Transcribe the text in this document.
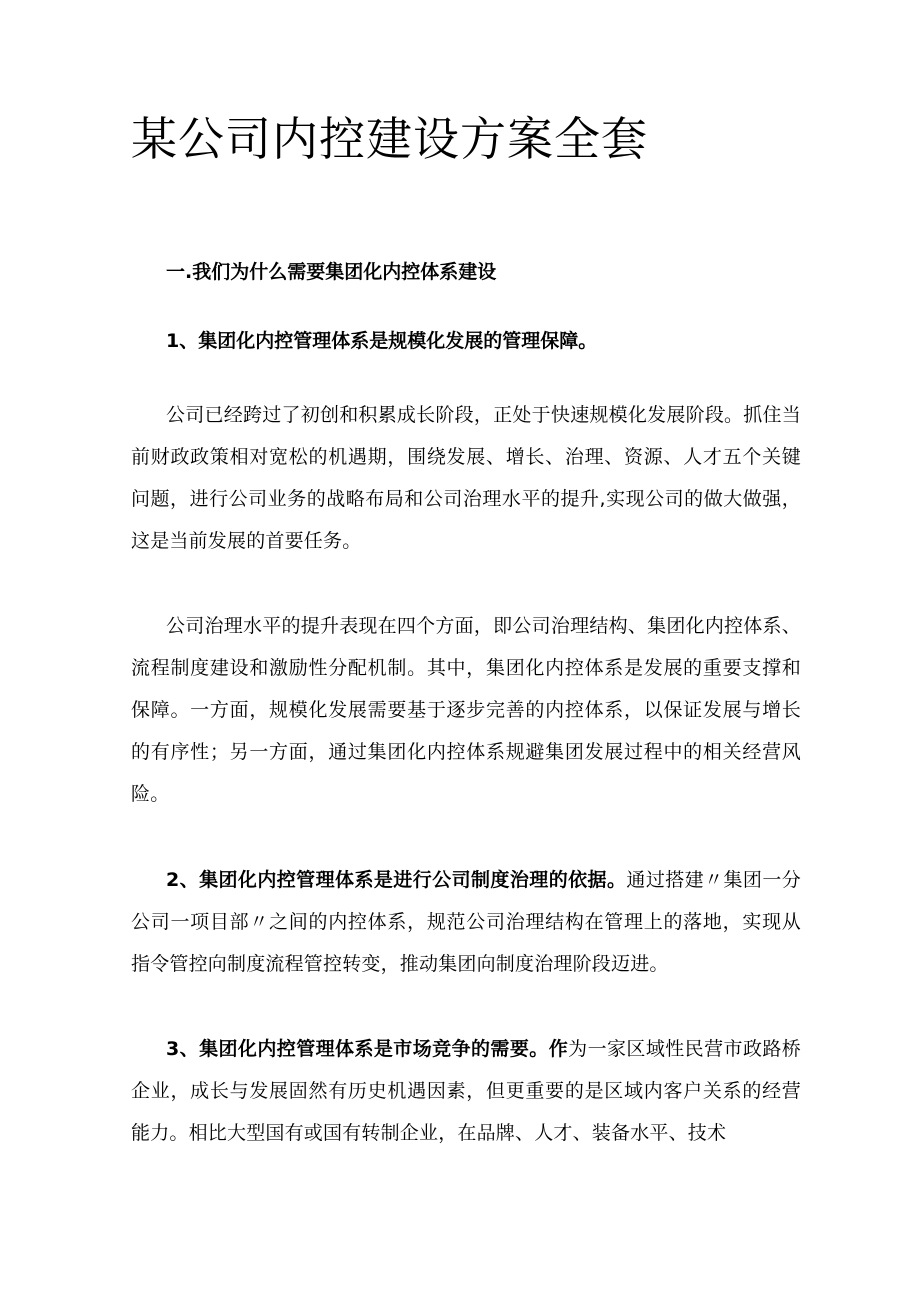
某公司内控建设方案全套
一.我们为什么需要集团化内控体系建设
1、集团化内控管理体系是规模化发展的管理保障。

公司已经跨过了初创和积累成长阶段，正处于快速规模化发展阶段。抓住当前财政政策相对宽松的机遇期，围绕发展、增长、治理、资源、人才五个关键问题，进行公司业务的战略布局和公司治理水平的提升,实现公司的做大做强，这是当前发展的首要任务。

公司治理水平的提升表现在四个方面，即公司治理结构、集团化内控体系、流程制度建设和激励性分配机制。其中，集团化内控体系是发展的重要支撑和保障。一方面，规模化发展需要基于逐步完善的内控体系，以保证发展与增长的有序性；另一方面，通过集团化内控体系规避集团发展过程中的相关经营风险。

2、集团化内控管理体系是进行公司制度治理的依据。通过搭建〃集团一分公司一项目部〃之间的内控体系，规范公司治理结构在管理上的落地，实现从指令管控向制度流程管控转变，推动集团向制度治理阶段迈进。

3、集团化内控管理体系是市场竞争的需要。作为一家区域性民营市政路桥企业，成长与发展固然有历史机遇因素，但更重要的是区域内客户关系的经营能力。相比大型国有或国有转制企业，在品牌、人才、装备水平、技术
